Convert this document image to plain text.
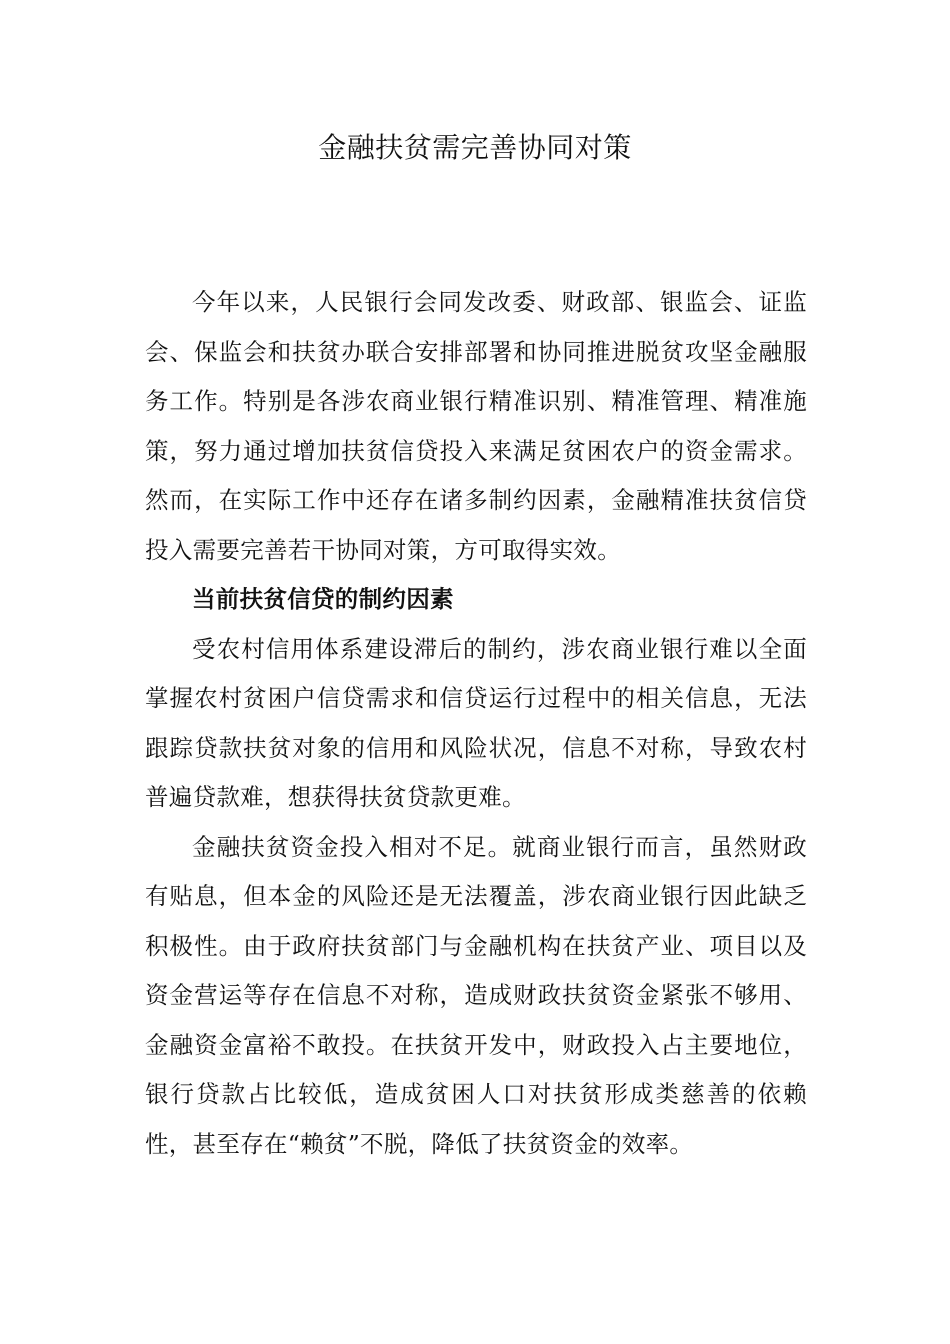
金融扶贫需完善协同对策

今年以来，人民银行会同发改委、财政部、银监会、证监会、保监会和扶贫办联合安排部署和协同推进脱贫攻坚金融服务工作。特别是各涉农商业银行精准识别、精准管理、精准施策，努力通过增加扶贫信贷投入来满足贫困农户的资金需求。然而，在实际工作中还存在诸多制约因素，金融精准扶贫信贷投入需要完善若干协同对策，方可取得实效。

当前扶贫信贷的制约因素

受农村信用体系建设滞后的制约，涉农商业银行难以全面掌握农村贫困户信贷需求和信贷运行过程中的相关信息，无法跟踪贷款扶贫对象的信用和风险状况，信息不对称，导致农村普遍贷款难，想获得扶贫贷款更难。

金融扶贫资金投入相对不足。就商业银行而言，虽然财政有贴息，但本金的风险还是无法覆盖，涉农商业银行因此缺乏积极性。由于政府扶贫部门与金融机构在扶贫产业、项目以及资金营运等存在信息不对称，造成财政扶贫资金紧张不够用、金融资金富裕不敢投。在扶贫开发中，财政投入占主要地位，银行贷款占比较低，造成贫困人口对扶贫形成类慈善的依赖性，甚至存在“赖贫”不脱，降低了扶贫资金的效率。
